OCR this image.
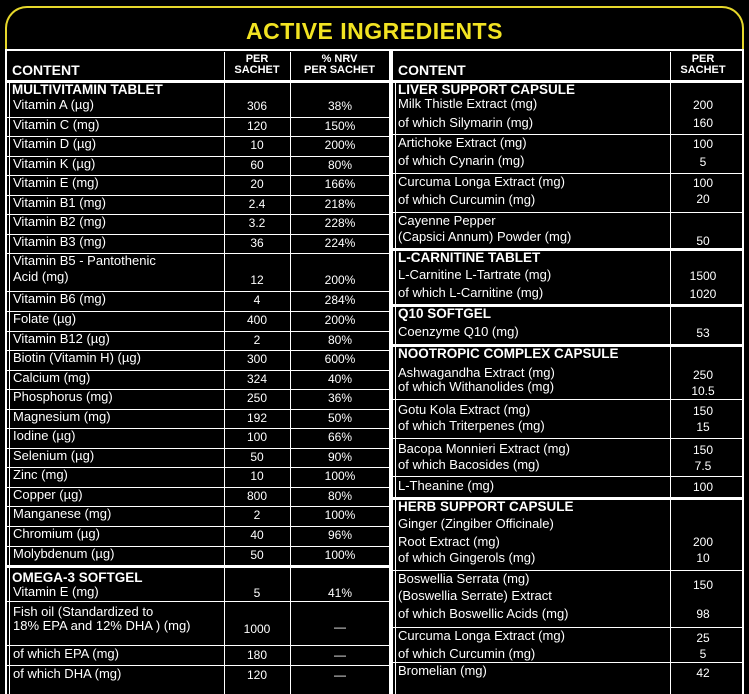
ACTIVE INGREDIENTS
CONTENT
PER
SACHET
% NRV
PER SACHET	CONTENT
PER
SACHET
MULTIVITAMIN TABLET
Vitamin A (µg)	306	38%
Vitamin C (mg)	120	150%
Vitamin D (µg)	10	200%
Vitamin K (µg)	60	80%
Vitamin E (mg)	20	166%
Vitamin B1 (mg)	2.4	218%
Vitamin B2 (mg)	3.2	228%
Vitamin B3 (mg)	36	224%
Vitamin B5 - Pantothenic
Acid (mg)	12	200%
Vitamin B6 (mg)	4	284%
Folate (µg)	400	200%
Vitamin B12 (µg)	2	80%
Biotin (Vitamin H) (µg)	300	600%
Calcium (mg)	324	40%
Phosphorus (mg)	250	36%
Magnesium (mg)	192	50%
Iodine (µg)	100	66%
Selenium (µg)	50	90%
Zinc (mg)	10	100%
Copper (µg)	800	80%
Manganese (mg)	2	100%
Chromium (µg)	40	96%
Molybdenum (µg)	50	100%
OMEGA-3 SOFTGEL
Vitamin E (mg)	5	41%
Fish oil (Standardized to
18% EPA and 12% DHA ) (mg)	1000	—
of which EPA (mg)	180	—
of which DHA (mg)	120	—
LIVER SUPPORT CAPSULE
Milk Thistle Extract (mg)	200
of which Silymarin (mg)	160
Artichoke Extract (mg)	100
of which Cynarin (mg)	5
Curcuma Longa Extract (mg)	100
of which Curcumin (mg)	20
Cayenne Pepper
(Capsici Annum) Powder (mg)	50
L-CARNITINE TABLET
L-Carnitine L-Tartrate (mg)	1500
of which L-Carnitine (mg)	1020
Q10 SOFTGEL
Coenzyme Q10 (mg)	53
NOOTROPIC COMPLEX CAPSULE
Ashwagandha Extract (mg)	250
of which Withanolides (mg)	10.5
Gotu Kola Extract (mg)	150
of which Triterpenes (mg)	15
Bacopa Monnieri Extract (mg)	150
of which Bacosides (mg)	7.5
L-Theanine (mg)	100
HERB SUPPORT CAPSULE
Ginger (Zingiber Officinale)
Root Extract (mg)	200
of which Gingerols (mg)	10
Boswellia Serrata (mg)	150
(Boswellia Serrate) Extract
of which Boswellic Acids (mg)	98
Curcuma Longa Extract (mg)	25
of which Curcumin (mg)	5
Bromelian (mg)	42
